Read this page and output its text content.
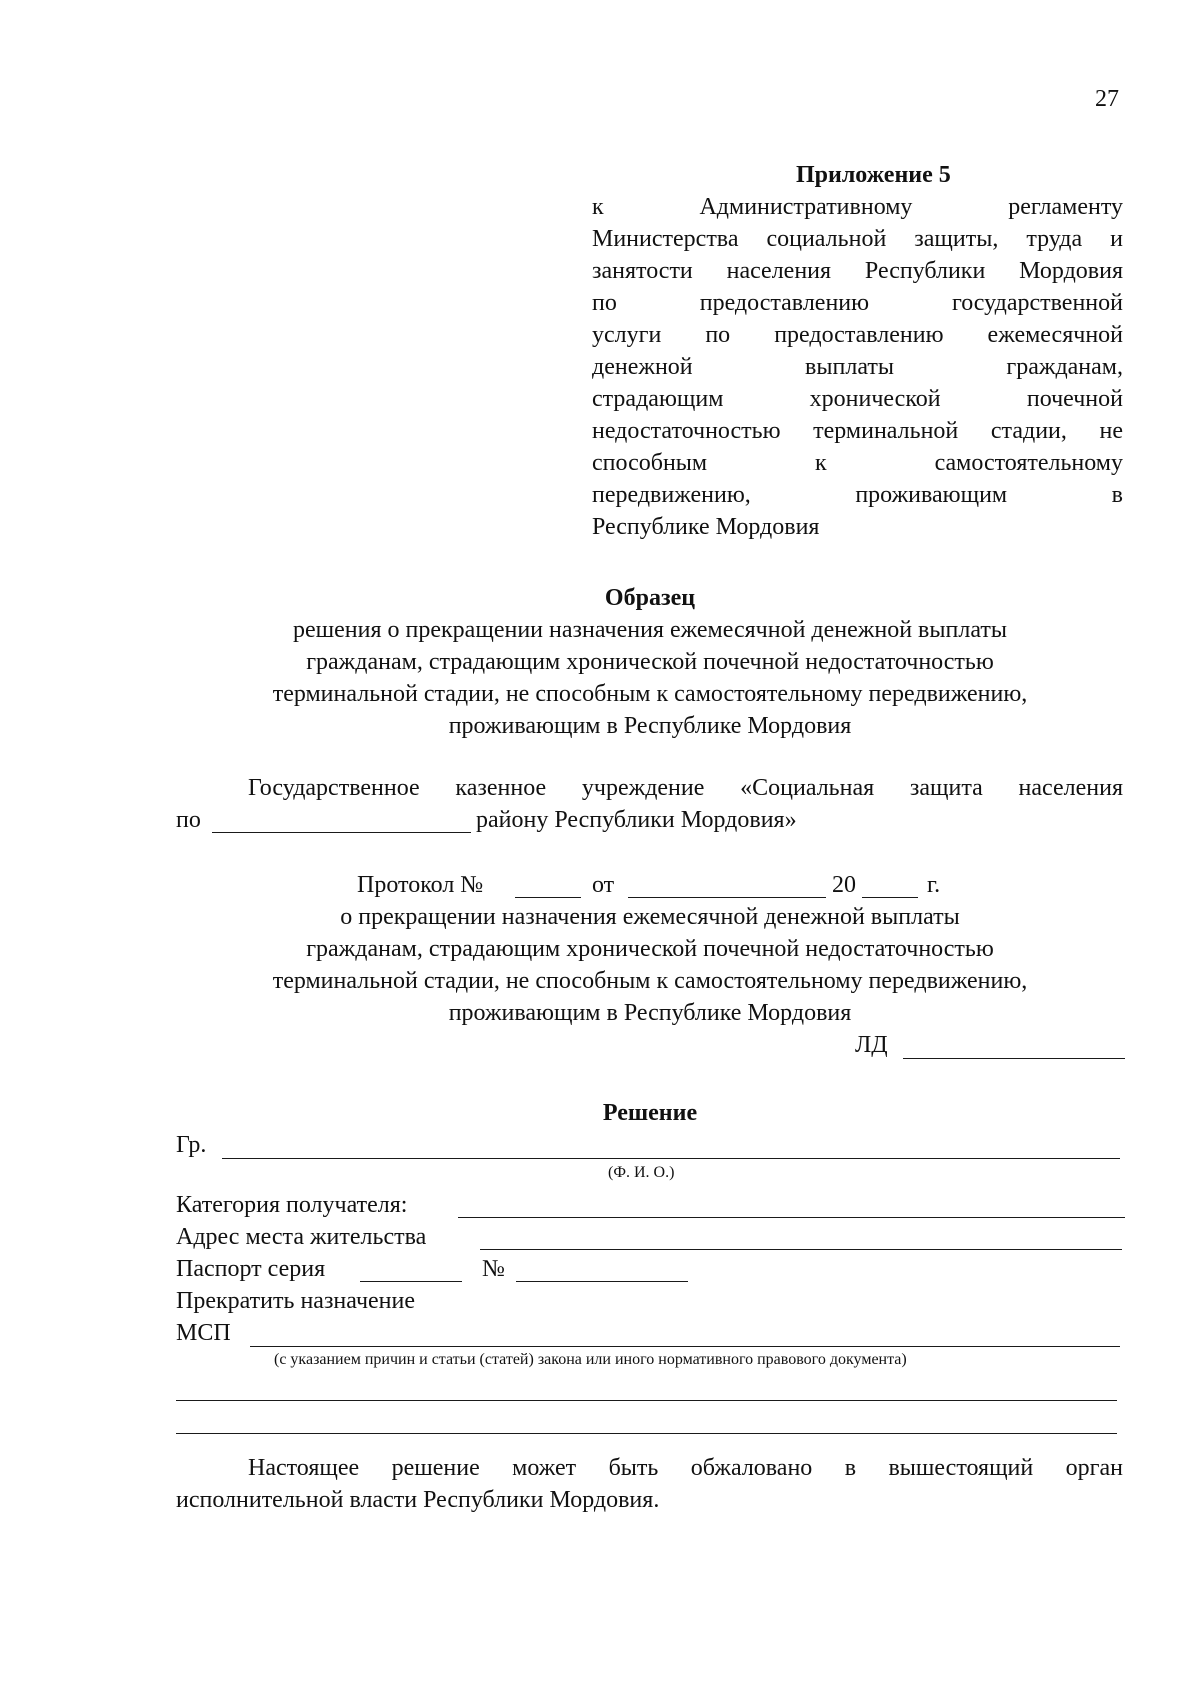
27
Приложение 5
к Административному регламенту
Министерства социальной защиты, труда и
занятости населения Республики Мордовия
по предоставлению государственной
услуги по предоставлению ежемесячной
денежной выплаты гражданам,
страдающим хронической почечной
недостаточностью терминальной стадии, не
способным к самостоятельному
передвижению, проживающим в
Республике Мордовия
Образец
решения о прекращении назначения ежемесячной денежной выплаты
гражданам, страдающим хронической почечной недостаточностью
терминальной стадии, не способным к самостоятельному передвижению,
проживающим в Республике Мордовия
Государственное казенное учреждение «Социальная защита населения
по	району Республики Мордовия»
Протокол №	от	20	г.
о прекращении назначения ежемесячной денежной выплаты
гражданам, страдающим хронической почечной недостаточностью
терминальной стадии, не способным к самостоятельному передвижению,
проживающим в Республике Мордовия
ЛД
Решение
Гр.
(Ф. И. О.)
Категория получателя:
Адрес места жительства
Паспорт серия	№
Прекратить назначение
МСП
(с указанием причин и статьи (статей) закона или иного нормативного правового документа)
Настоящее решение может быть обжаловано в вышестоящий орган
исполнительной власти Республики Мордовия.
